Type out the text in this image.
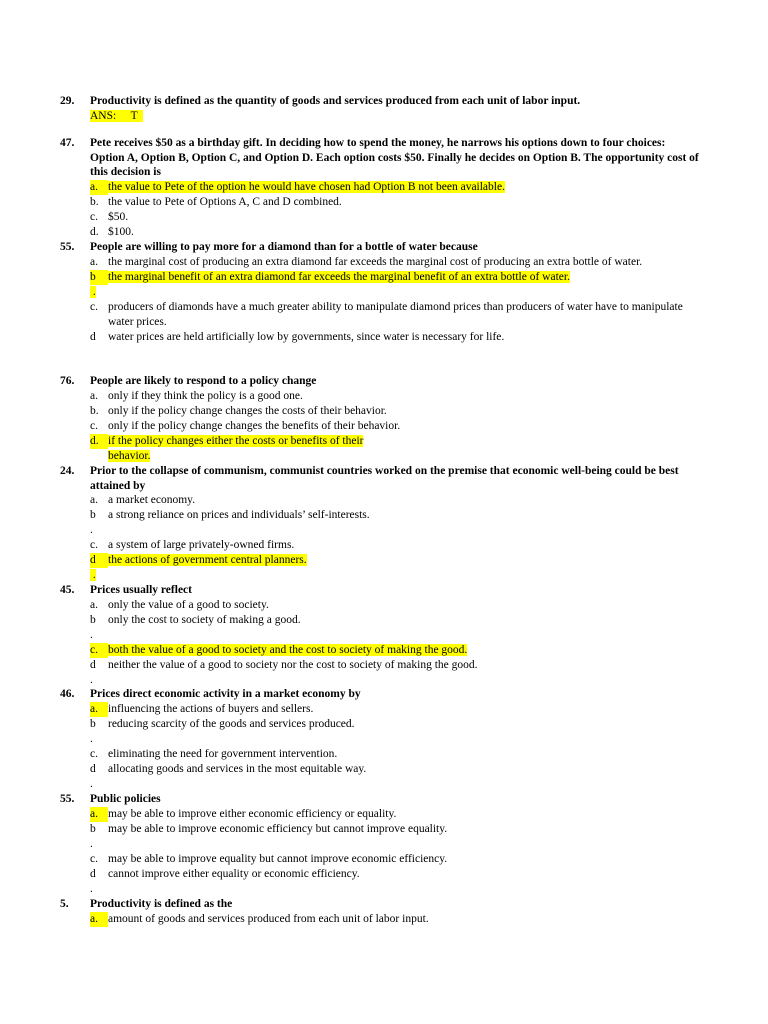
29. Productivity is defined as the quantity of goods and services produced from each unit of labor input.
ANS: T
47. Pete receives $50 as a birthday gift. In deciding how to spend the money, he narrows his options down to four choices: Option A, Option B, Option C, and Option D. Each option costs $50. Finally he decides on Option B. The opportunity cost of this decision is
a. the value to Pete of the option he would have chosen had Option B not been available.
b. the value to Pete of Options A, C and D combined.
c. $50.
d. $100.
55. People are willing to pay more for a diamond than for a bottle of water because
a. the marginal cost of producing an extra diamond far exceeds the marginal cost of producing an extra bottle of water.
b	the marginal benefit of an extra diamond far exceeds the marginal benefit of an extra bottle of water.
.

c. producers of diamonds have a much greater ability to manipulate diamond prices than producers of water have to manipulate water prices.
d	water prices are held artificially low by governments, since water is necessary for life.
76. People are likely to respond to a policy change
a. only if they think the policy is a good one.
b. only if the policy change changes the costs of their behavior.
c. only if the policy change changes the benefits of their behavior.
d. if the policy changes either the costs or benefits of their behavior.
24. Prior to the collapse of communism, communist countries worked on the premise that economic well-being could be best attained by
a. a market economy.
b	a strong reliance on prices and individuals’ self-interests.
.

c. a system of large privately-owned firms.
d	the actions of government central planners.
.

45. Prices usually reflect
a. only the value of a good to society.
b	only the cost to society of making a good.
.

c. both the value of a good to society and the cost to society of making the good.
d	neither the value of a good to society nor the cost to society of making the good.
.

46. Prices direct economic activity in a market economy by
a. influencing the actions of buyers and sellers.
b	reducing scarcity of the goods and services produced.
.

c. eliminating the need for government intervention.
d	allocating goods and services in the most equitable way.
.

55. Public policies
a. may be able to improve either economic efficiency or equality.
b	may be able to improve economic efficiency but cannot improve equality.
.

c. may be able to improve equality but cannot improve economic efficiency.
d	cannot improve either equality or economic efficiency.
.

5. Productivity is defined as the
a. amount of goods and services produced from each unit of labor input.
